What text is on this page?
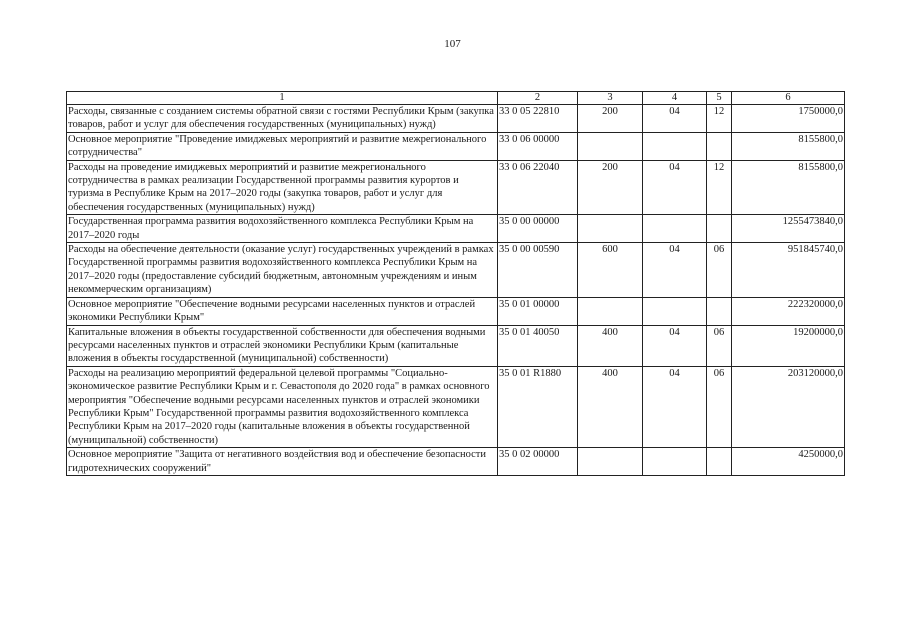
107
1	2	3	4	5	6
Расходы, связанные с созданием системы обратной связи с гостями Республики Крым (закупка товаров, работ и услуг для обеспечения государственных (муниципальных) нужд)	33 0 05 22810	200	04	12	1750000,0
Основное мероприятие "Проведение имиджевых мероприятий и развитие межрегионального сотрудничества"	33 0 06 00000				8155800,0
Расходы на проведение имиджевых мероприятий и развитие межрегионального сотрудничества в рамках реализации Государственной программы развития курортов и туризма в Республике Крым на 2017–2020 годы (закупка товаров, работ и услуг для обеспечения государственных (муниципальных) нужд)	33 0 06 22040	200	04	12	8155800,0
Государственная программа развития водохозяйственного комплекса Республики Крым на 2017–2020 годы	35 0 00 00000				1255473840,0
Расходы на обеспечение деятельности (оказание услуг) государственных учреждений в рамках Государственной программы развития водохозяйственного комплекса Республики Крым на 2017–2020 годы (предоставление субсидий бюджетным, автономным учреждениям и иным некоммерческим организациям)	35 0 00 00590	600	04	06	951845740,0
Основное мероприятие "Обеспечение водными ресурсами населенных пунктов и отраслей экономики Республики Крым"	35 0 01 00000				222320000,0
Капитальные вложения в объекты государственной собственности для обеспечения водными ресурсами населенных пунктов и отраслей экономики Республики Крым (капитальные вложения в объекты государственной (муниципальной) собственности)	35 0 01 40050	400	04	06	19200000,0
Расходы на реализацию мероприятий федеральной целевой программы "Социально-экономическое развитие Республики Крым и г. Севастополя до 2020 года" в рамках основного мероприятия "Обеспечение водными ресурсами населенных пунктов и отраслей экономики Республики Крым" Государственной программы развития водохозяйственного комплекса Республики Крым на 2017–2020 годы (капитальные вложения в объекты государственной (муниципальной) собственности)	35 0 01 R1880	400	04	06	203120000,0
Основное мероприятие "Защита от негативного воздействия вод и обеспечение безопасности гидротехнических сооружений"	35 0 02 00000				4250000,0
